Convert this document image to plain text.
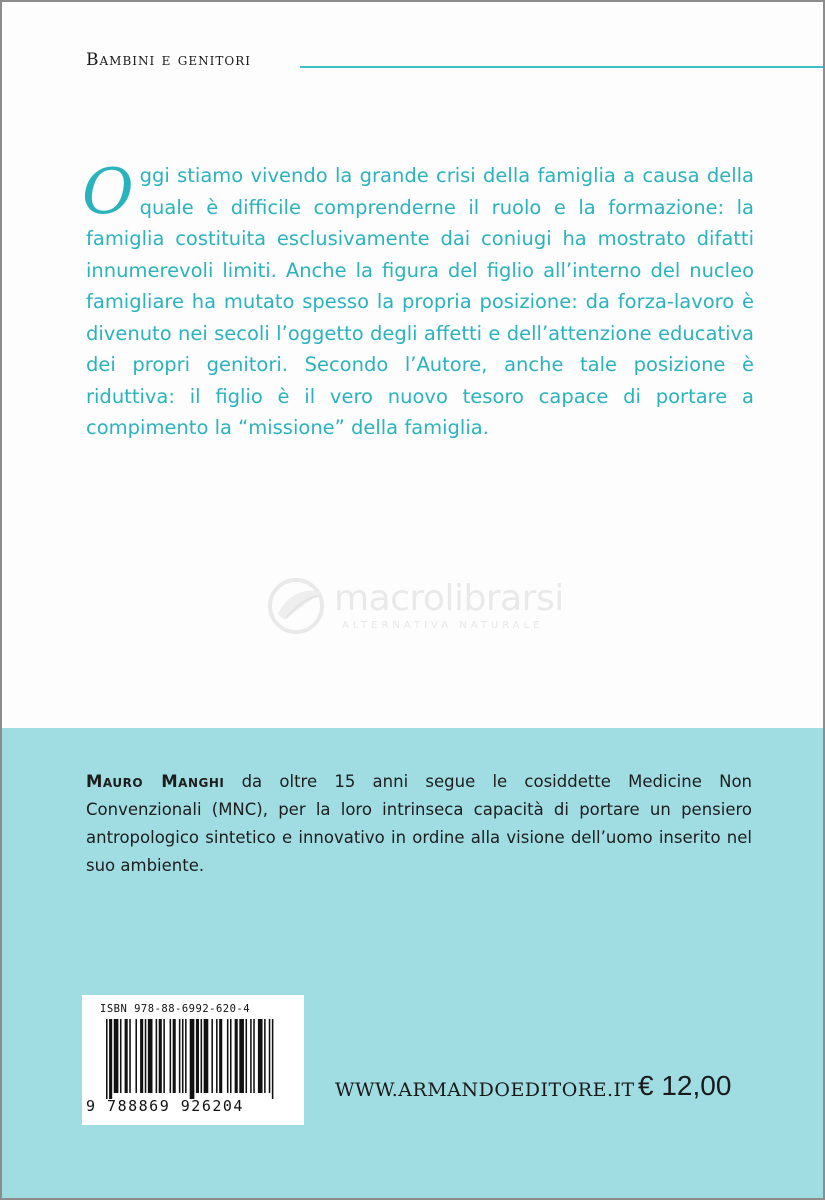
Bambini e genitori
Oggi stiamo vivendo la grande crisi della famiglia a causa della quale è difficile comprenderne il ruolo e la formazione: la famiglia costituita esclusivamente dai coniugi ha mostrato difatti innumerevoli limiti. Anche la figura del figlio all’interno del nucleo famigliare ha mutato spesso la propria posizione: da forza-lavoro è divenuto nei secoli l’oggetto degli affetti e dell’attenzione educativa dei propri genitori. Secondo l’Autore, anche tale posizione è riduttiva: il figlio è il vero nuovo tesoro capace di portare a compimento la “missione” della famiglia.
macrolibrarsi
ALTERNATIVA NATURALE
Mauro Manghi da oltre 15 anni segue le cosiddette Medicine Non Convenzionali (MNC), per la loro intrinseca capacità di portare un pensiero antropologico sintetico e innovativo in ordine alla visione dell’uomo inserito nel suo ambiente.
ISBN 978-88-6992-620-4
9 788869 926204
WWW.ARMANDOEDITORE.IT € 12,00
